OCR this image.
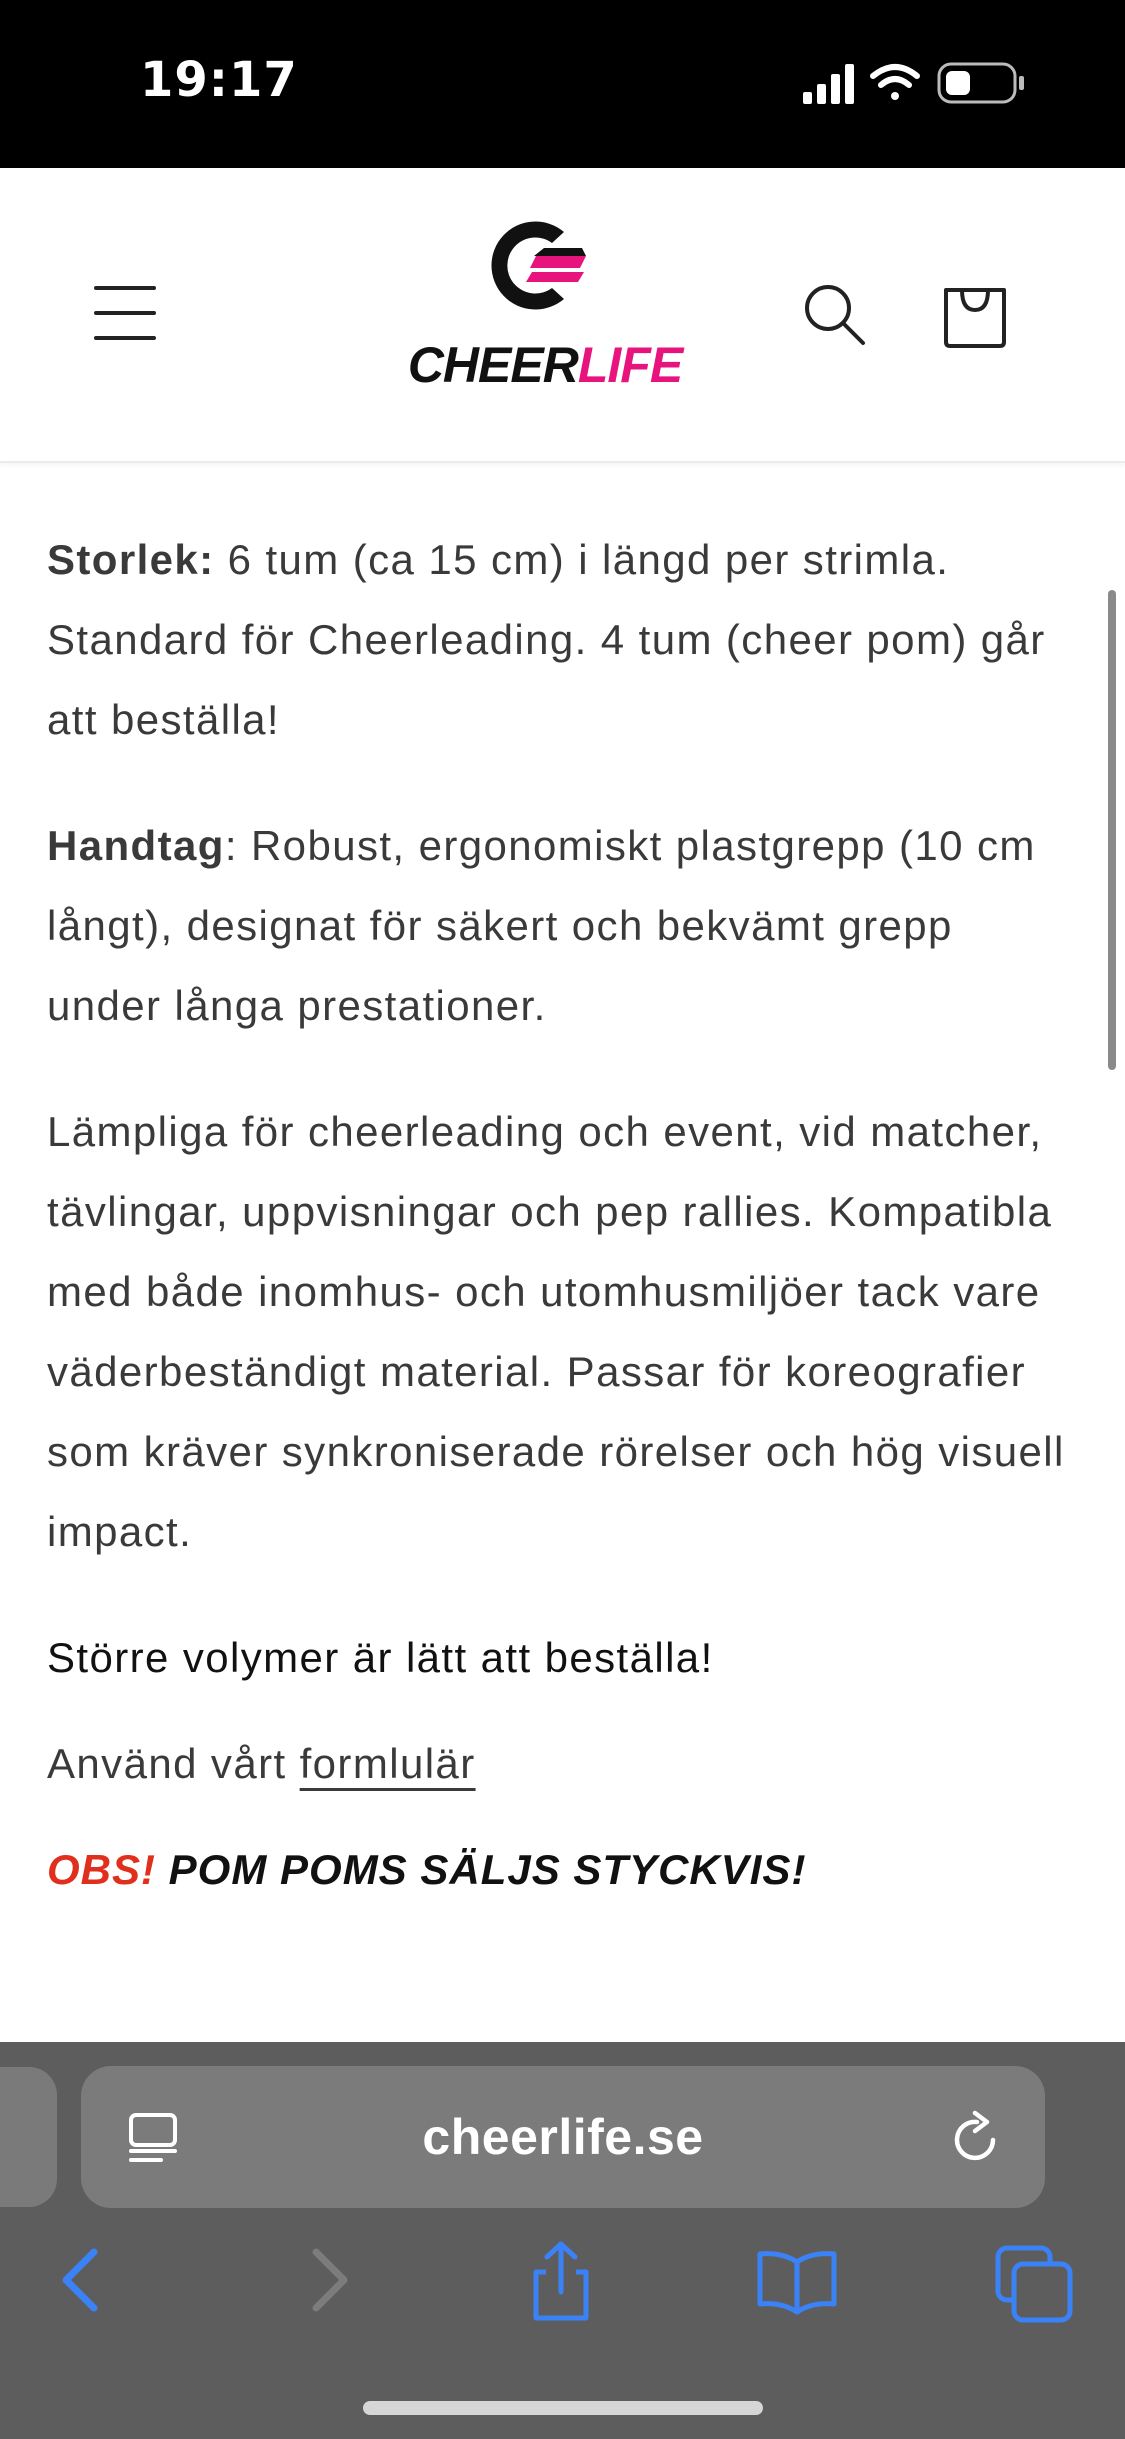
19:17
CHEERLIFE

Storlek: 6 tum (ca 15 cm) i längd per strimla. Standard för Cheerleading. 4 tum (cheer pom) går att beställa!

Handtag: Robust, ergonomiskt plastgrepp (10 cm långt), designat för säkert och bekvämt grepp under långa prestationer.

Lämpliga för cheerleading och event, vid matcher, tävlingar, uppvisningar och pep rallies. Kompatibla med både inomhus- och utomhusmiljöer tack vare väderbeständigt material. Passar för koreografier som kräver synkroniserade rörelser och hög visuell impact.

Större volymer är lätt att beställa!

Använd vårt formlulär

OBS! POM POMS SÄLJS STYCKVIS!

cheerlife.se
